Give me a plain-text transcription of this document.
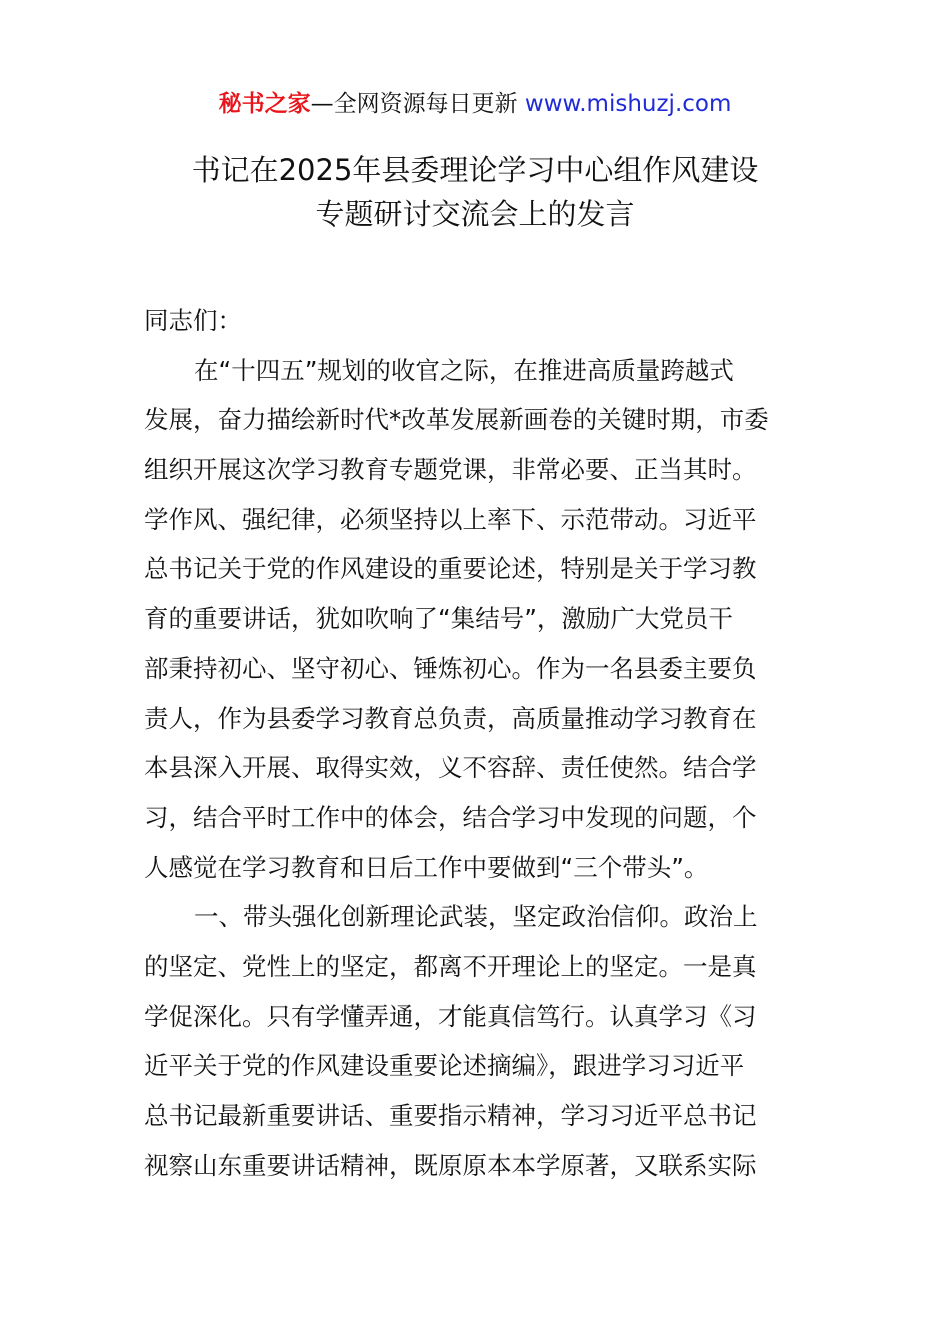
秘书之家—全网资源每日更新 www.mishuzj.com
书记在2025年县委理论学习中心组作风建设
专题研讨交流会上的发言
同志们：
在“十四五”规划的收官之际，在推进高质量跨越式
发展，奋力描绘新时代*改革发展新画卷的关键时期，市委
组织开展这次学习教育专题党课，非常必要、正当其时。
学作风、强纪律，必须坚持以上率下、示范带动。习近平
总书记关于党的作风建设的重要论述，特别是关于学习教
育的重要讲话，犹如吹响了“集结号”，激励广大党员干
部秉持初心、坚守初心、锤炼初心。作为一名县委主要负
责人，作为县委学习教育总负责，高质量推动学习教育在
本县深入开展、取得实效，义不容辞、责任使然。结合学
习，结合平时工作中的体会，结合学习中发现的问题，个
人感觉在学习教育和日后工作中要做到“三个带头”。
一、带头强化创新理论武装，坚定政治信仰。政治上
的坚定、党性上的坚定，都离不开理论上的坚定。一是真
学促深化。只有学懂弄通，才能真信笃行。认真学习《习
近平关于党的作风建设重要论述摘编》，跟进学习习近平
总书记最新重要讲话、重要指示精神，学习习近平总书记
视察山东重要讲话精神，既原原本本学原著，又联系实际
